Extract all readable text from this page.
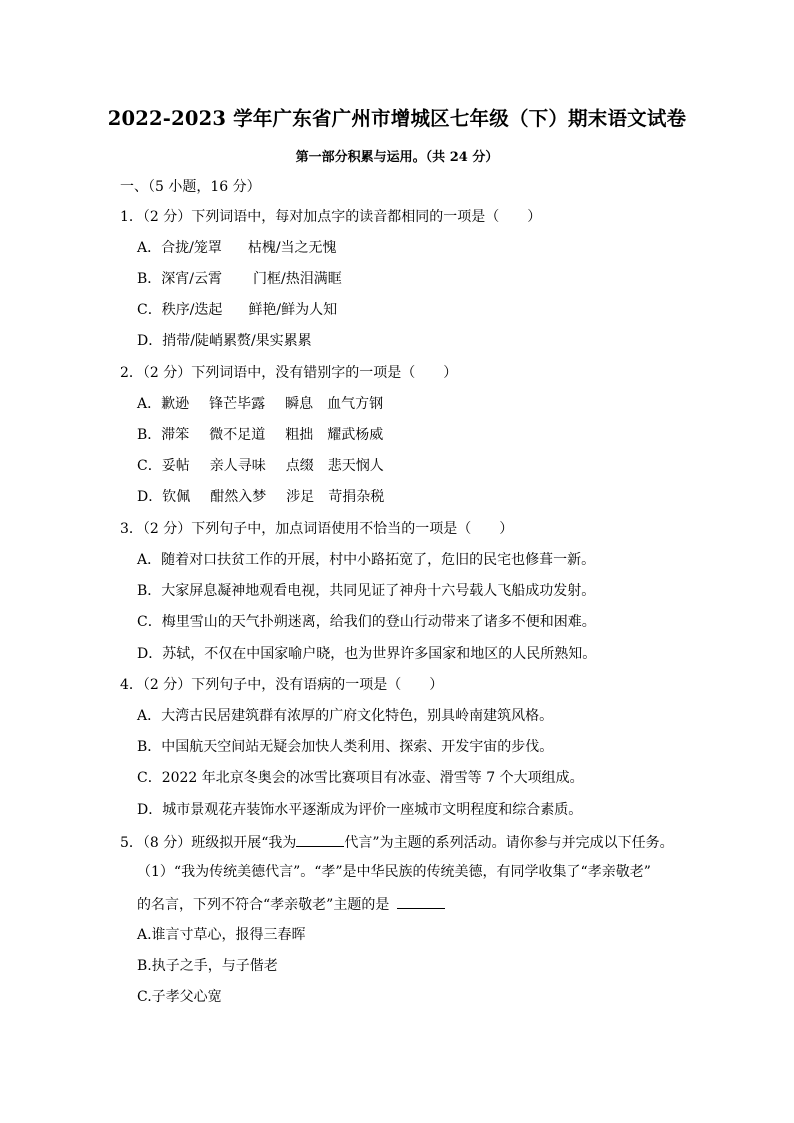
2022-2023 学年广东省广州市增城区七年级（下）期末语文试卷
第一部分积累与运用。（共 24 分）
一、（5 小题，16 分）
1．（2 分）下列词语中，每对加点字的读音都相同的一项是（　　）
A．合拢/笼罩 枯槐/当之无愧
B．深宵/云霄 门框/热泪满眶
C．秩序/迭起 鲜艳/鲜为人知
D．捎带/陡峭累赘/果实累累
2．（2 分）下列词语中，没有错别字的一项是（　　）
A．歉逊 锋芒毕露 瞬息 血气方钢
B．滞笨 微不足道 粗拙 耀武杨威
C．妥帖 亲人寻味 点缀 悲天悯人
D．钦佩 酣然入梦 涉足 苛捐杂税
3．（2 分）下列句子中，加点词语使用不恰当的一项是（　　）
A．随着对口扶贫工作的开展，村中小路拓宽了，危旧的民宅也修葺一新。
B．大家屏息凝神地观看电视，共同见证了神舟十六号载人飞船成功发射。
C．梅里雪山的天气扑朔迷离，给我们的登山行动带来了诸多不便和困难。
D．苏轼，不仅在中国家喻户晓，也为世界许多国家和地区的人民所熟知。
4．（2 分）下列句子中，没有语病的一项是（　　）
A．大湾古民居建筑群有浓厚的广府文化特色，别具岭南建筑风格。
B．中国航天空间站无疑会加快人类利用、探索、开发宇宙的步伐。
C．2022 年北京冬奥会的冰雪比赛项目有冰壶、滑雪等 7 个大项组成。
D．城市景观花卉装饰水平逐渐成为评价一座城市文明程度和综合素质。
5．（8 分）班级拟开展“我为	代言”为主题的系列活动。请你参与并完成以下任务。
（1）“我为传统美德代言”。“孝”是中华民族的传统美德，有同学收集了“孝亲敬老”
的名言，下列不符合“孝亲敬老”主题的是
A.谁言寸草心，报得三春晖
B.执子之手，与子偕老
C.子孝父心宽
